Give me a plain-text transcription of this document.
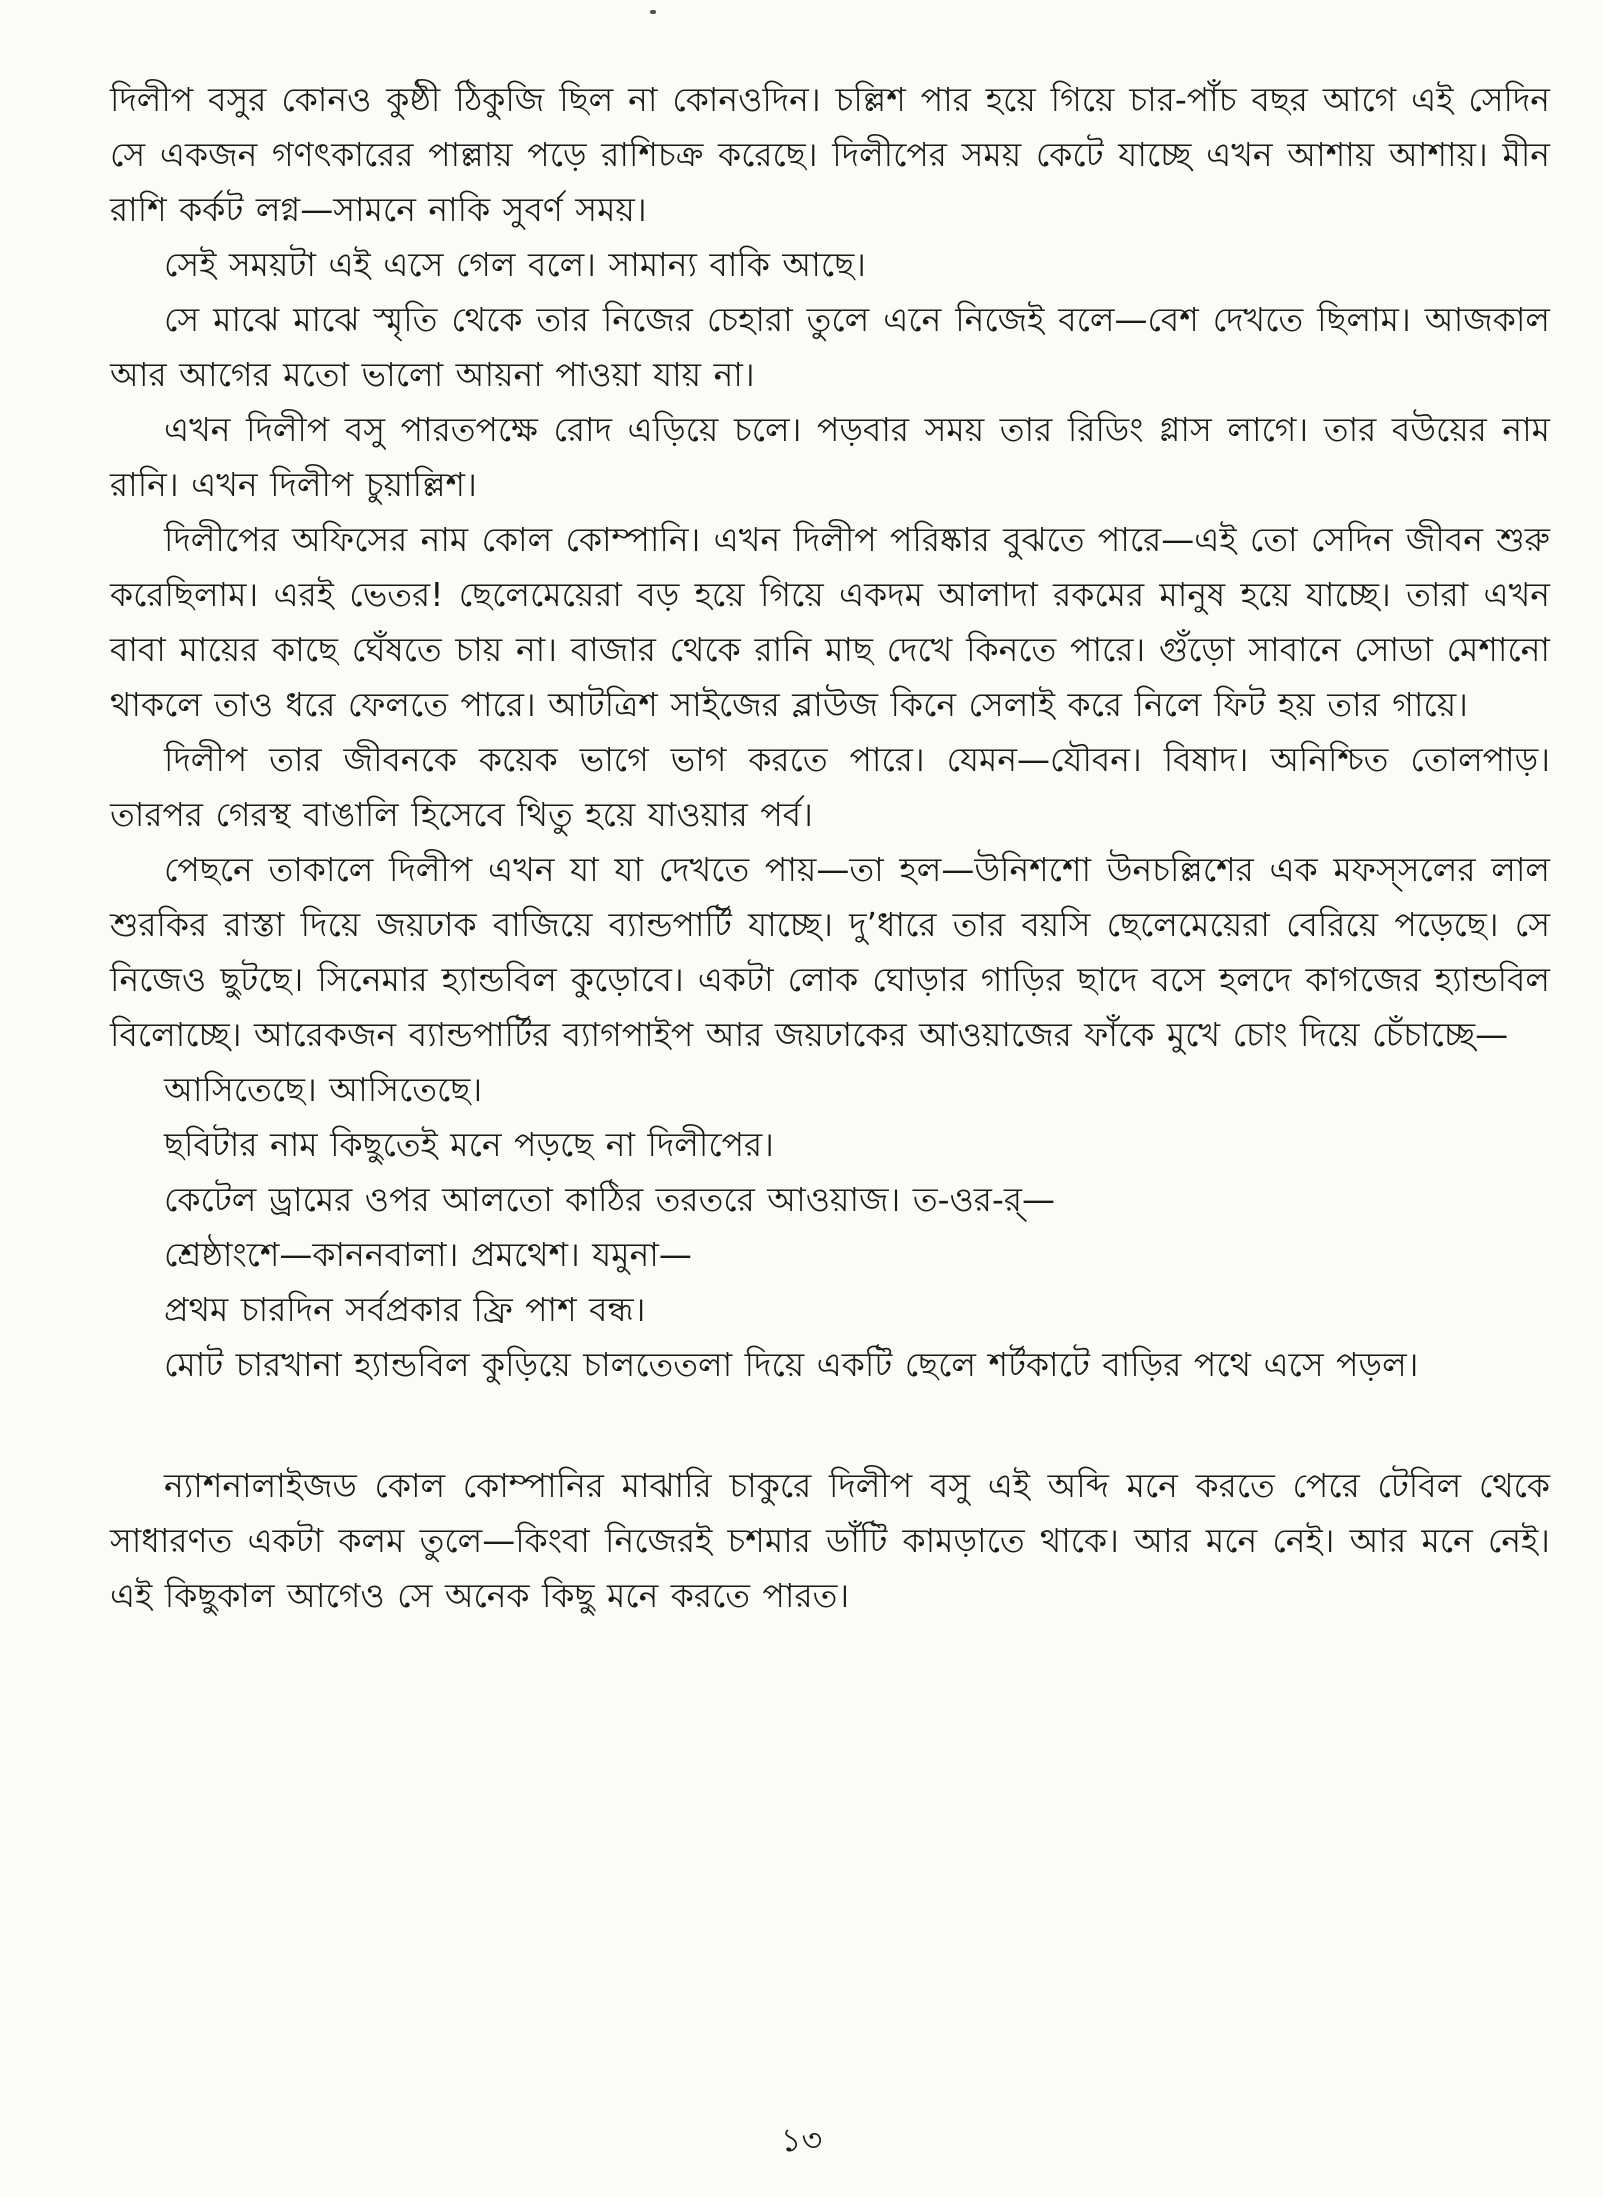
দিলীপ বসুর কোনও কুষ্ঠী ঠিকুজি ছিল না কোনওদিন। চল্লিশ পার হয়ে গিয়ে চার-পাঁচ বছর আগে এই সেদিন সে একজন গণৎকারের পাল্লায় পড়ে রাশিচক্র করেছে। দিলীপের সময় কেটে যাচ্ছে এখন আশায় আশায়। মীন রাশি কর্কট লগ্ন—সামনে নাকি সুবর্ণ সময়।

সেই সময়টা এই এসে গেল বলে। সামান্য বাকি আছে।

সে মাঝে মাঝে স্মৃতি থেকে তার নিজের চেহারা তুলে এনে নিজেই বলে—বেশ দেখতে ছিলাম। আজকাল আর আগের মতো ভালো আয়না পাওয়া যায় না।

এখন দিলীপ বসু পারতপক্ষে রোদ এড়িয়ে চলে। পড়বার সময় তার রিডিং গ্লাস লাগে। তার বউয়ের নাম রানি। এখন দিলীপ চুয়াল্লিশ।

দিলীপের অফিসের নাম কোল কোম্পানি। এখন দিলীপ পরিষ্কার বুঝতে পারে—এই তো সেদিন জীবন শুরু করেছিলাম। এরই ভেতর! ছেলেমেয়েরা বড় হয়ে গিয়ে একদম আলাদা রকমের মানুষ হয়ে যাচ্ছে। তারা এখন বাবা মায়ের কাছে ঘেঁষতে চায় না। বাজার থেকে রানি মাছ দেখে কিনতে পারে। গুঁড়ো সাবানে সোডা মেশানো থাকলে তাও ধরে ফেলতে পারে। আটত্রিশ সাইজের ব্লাউজ কিনে সেলাই করে নিলে ফিট হয় তার গায়ে।

দিলীপ তার জীবনকে কয়েক ভাগে ভাগ করতে পারে। যেমন—যৌবন। বিষাদ। অনিশ্চিত তোলপাড়। তারপর গেরস্থ বাঙালি হিসেবে থিতু হয়ে যাওয়ার পর্ব।

পেছনে তাকালে দিলীপ এখন যা যা দেখতে পায়—তা হল—উনিশশো উনচল্লিশের এক মফস্‌সলের লাল শুরকির রাস্তা দিয়ে জয়ঢাক বাজিয়ে ব্যান্ডপার্টি যাচ্ছে। দু’ধারে তার বয়সি ছেলেমেয়েরা বেরিয়ে পড়েছে। সে নিজেও ছুটছে। সিনেমার হ্যান্ডবিল কুড়োবে। একটা লোক ঘোড়ার গাড়ির ছাদে বসে হলদে কাগজের হ্যান্ডবিল বিলোচ্ছে। আরেকজন ব্যান্ডপার্টির ব্যাগপাইপ আর জয়ঢাকের আওয়াজের ফাঁকে মুখে চোং দিয়ে চেঁচাচ্ছে—

আসিতেছে। আসিতেছে।

ছবিটার নাম কিছুতেই মনে পড়ছে না দিলীপের।

কেটেল ড্রামের ওপর আলতো কাঠির তরতরে আওয়াজ। ত-ওর-র্‌—

শ্রেষ্ঠাংশে—কাননবালা। প্রমথেশ। যমুনা—

প্রথম চারদিন সর্বপ্রকার ফ্রি পাশ বন্ধ।

মোট চারখানা হ্যান্ডবিল কুড়িয়ে চালতেতলা দিয়ে একটি ছেলে শর্টকাটে বাড়ির পথে এসে পড়ল।

ন্যাশনালাইজড কোল কোম্পানির মাঝারি চাকুরে দিলীপ বসু এই অব্দি মনে করতে পেরে টেবিল থেকে সাধারণত একটা কলম তুলে—কিংবা নিজেরই চশমার ডাঁটি কামড়াতে থাকে। আর মনে নেই। আর মনে নেই। এই কিছুকাল আগেও সে অনেক কিছু মনে করতে পারত।

১৩
